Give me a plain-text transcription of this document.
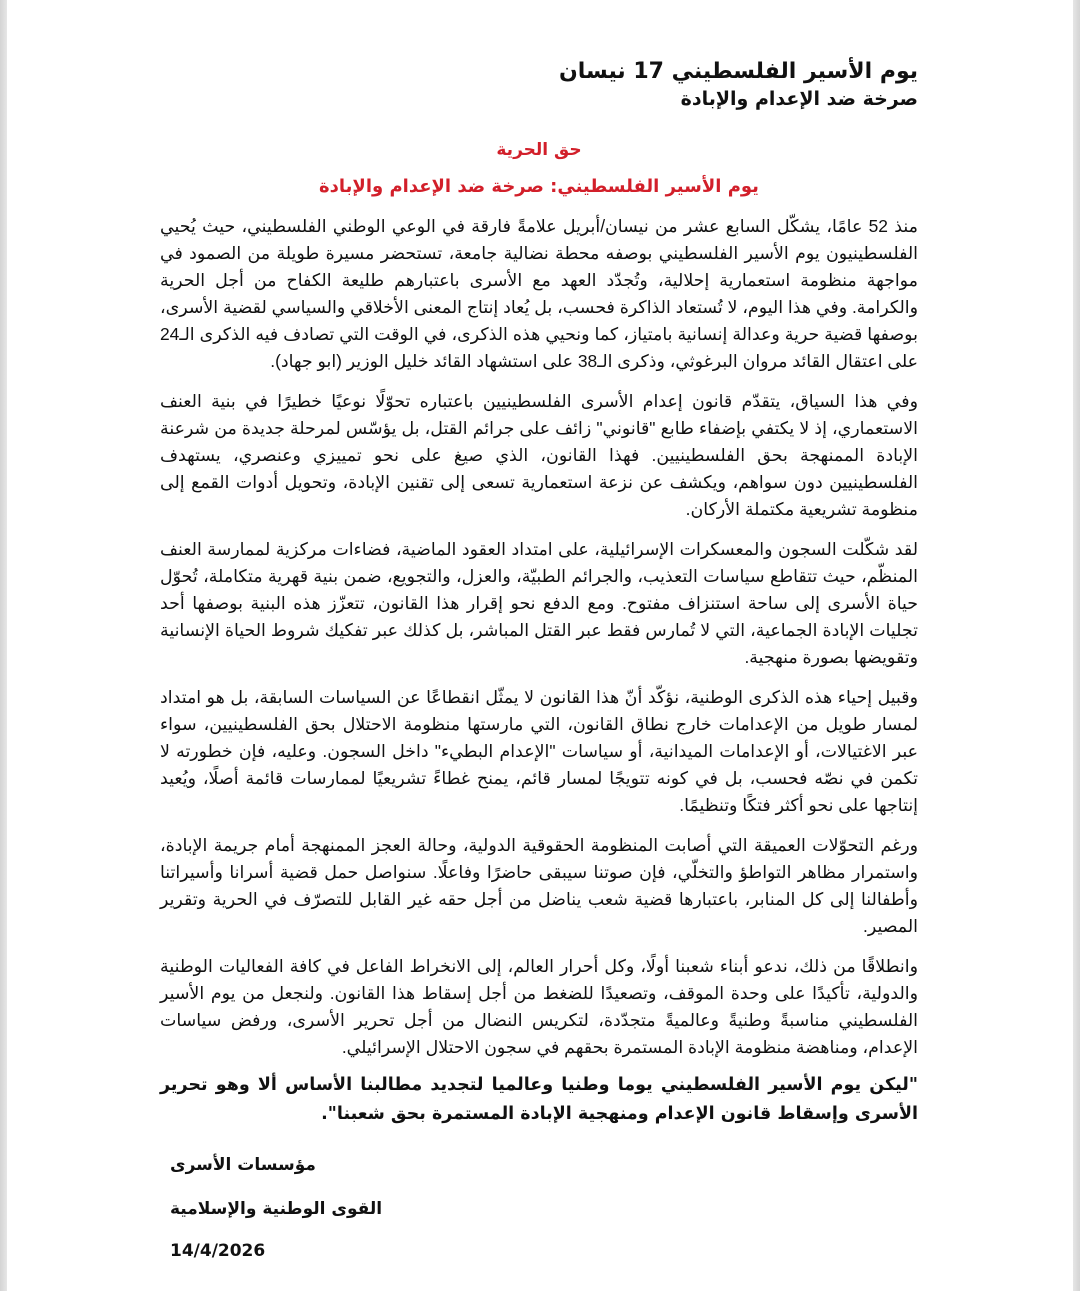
يوم الأسير الفلسطيني 17 نيسان
صرخة ضد الإعدام والإبادة
حق الحرية
يوم الأسير الفلسطيني: صرخة ضد الإعدام والإبادة

منذ 52 عامًا، يشكّل السابع عشر من نيسان/أبريل علامةً فارقة في الوعي الوطني الفلسطيني، حيث يُحيي الفلسطينيون يوم الأسير الفلسطيني بوصفه محطة نضالية جامعة، تستحضر مسيرة طويلة من الصمود في مواجهة منظومة استعمارية إحلالية، وتُجدّد العهد مع الأسرى باعتبارهم طليعة الكفاح من أجل الحرية والكرامة. وفي هذا اليوم، لا تُستعاد الذاكرة فحسب، بل يُعاد إنتاج المعنى الأخلاقي والسياسي لقضية الأسرى، بوصفها قضية حرية وعدالة إنسانية بامتياز، كما ونحيي هذه الذكرى، في الوقت التي تصادف فيه الذكرى الـ24 على اعتقال القائد مروان البرغوثي، وذكرى الـ38 على استشهاد القائد خليل الوزير (ابو جهاد).

وفي هذا السياق، يتقدّم قانون إعدام الأسرى الفلسطينيين باعتباره تحوّلًا نوعيًا خطيرًا في بنية العنف الاستعماري، إذ لا يكتفي بإضفاء طابع "قانوني" زائف على جرائم القتل، بل يؤسّس لمرحلة جديدة من شرعنة الإبادة الممنهجة بحق الفلسطينيين. فهذا القانون، الذي صيغ على نحو تمييزي وعنصري، يستهدف الفلسطينيين دون سواهم، ويكشف عن نزعة استعمارية تسعى إلى تقنين الإبادة، وتحويل أدوات القمع إلى منظومة تشريعية مكتملة الأركان.

لقد شكّلت السجون والمعسكرات الإسرائيلية، على امتداد العقود الماضية، فضاءات مركزية لممارسة العنف المنظّم، حيث تتقاطع سياسات التعذيب، والجرائم الطبيّة، والعزل، والتجويع، ضمن بنية قهرية متكاملة، تُحوّل حياة الأسرى إلى ساحة استنزاف مفتوح. ومع الدفع نحو إقرار هذا القانون، تتعزّز هذه البنية بوصفها أحد تجليات الإبادة الجماعية، التي لا تُمارس فقط عبر القتل المباشر، بل كذلك عبر تفكيك شروط الحياة الإنسانية وتقويضها بصورة منهجية.

وقبيل إحياء هذه الذكرى الوطنية، نؤكّد أنّ هذا القانون لا يمثّل انقطاعًا عن السياسات السابقة، بل هو امتداد لمسار طويل من الإعدامات خارج نطاق القانون، التي مارستها منظومة الاحتلال بحق الفلسطينيين، سواء عبر الاغتيالات، أو الإعدامات الميدانية، أو سياسات "الإعدام البطيء" داخل السجون. وعليه، فإن خطورته لا تكمن في نصّه فحسب، بل في كونه تتويجًا لمسار قائم، يمنح غطاءً تشريعيًا لممارسات قائمة أصلًا، ويُعيد إنتاجها على نحو أكثر فتكًا وتنظيمًا.

ورغم التحوّلات العميقة التي أصابت المنظومة الحقوقية الدولية، وحالة العجز الممنهجة أمام جريمة الإبادة، واستمرار مظاهر التواطؤ والتخلّي، فإن صوتنا سيبقى حاضرًا وفاعلًا. سنواصل حمل قضية أسرانا وأسيراتنا وأطفالنا إلى كل المنابر، باعتبارها قضية شعب يناضل من أجل حقه غير القابل للتصرّف في الحرية وتقرير المصير.

وانطلاقًا من ذلك، ندعو أبناء شعبنا أولًا، وكل أحرار العالم، إلى الانخراط الفاعل في كافة الفعاليات الوطنية والدولية، تأكيدًا على وحدة الموقف، وتصعيدًا للضغط من أجل إسقاط هذا القانون. ولنجعل من يوم الأسير الفلسطيني مناسبةً وطنيةً وعالميةً متجدّدة، لتكريس النضال من أجل تحرير الأسرى، ورفض سياسات الإعدام، ومناهضة منظومة الإبادة المستمرة بحقهم في سجون الاحتلال الإسرائيلي.

"ليكن يوم الأسير الفلسطيني يوما وطنيا وعالميا لتجديد مطالبنا الأساس ألا وهو تحرير الأسرى وإسقاط قانون الإعدام ومنهجية الإبادة المستمرة بحق شعبنا".

مؤسسات الأسرى

القوى الوطنية والإسلامية

14/4/2026
